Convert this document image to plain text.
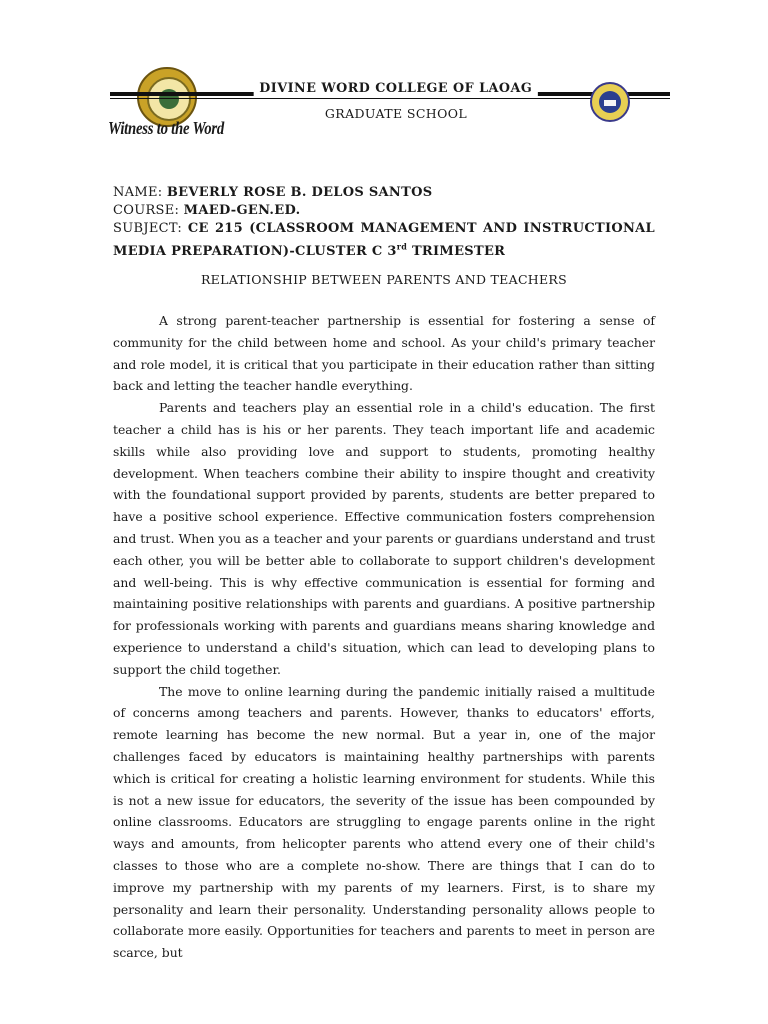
DIVINE WORD COLLEGE OF LAOAG
GRADUATE SCHOOL
Witness to the Word
NAME: BEVERLY ROSE B. DELOS SANTOS
COURSE: MAED-GEN.ED.
SUBJECT: CE 215 (CLASSROOM MANAGEMENT AND INSTRUCTIONAL MEDIA PREPARATION)-CLUSTER C 3rd TRIMESTER
RELATIONSHIP BETWEEN PARENTS AND TEACHERS

A strong parent-teacher partnership is essential for fostering a sense of community for the child between home and school. As your child's primary teacher and role model, it is critical that you participate in their education rather than sitting back and letting the teacher handle everything.

Parents and teachers play an essential role in a child's education. The first teacher a child has is his or her parents. They teach important life and academic skills while also providing love and support to students, promoting healthy development. When teachers combine their ability to inspire thought and creativity with the foundational support provided by parents, students are better prepared to have a positive school experience. Effective communication fosters comprehension and trust. When you as a teacher and your parents or guardians understand and trust each other, you will be better able to collaborate to support children's development and well-being. This is why effective communication is essential for forming and maintaining positive relationships with parents and guardians. A positive partnership for professionals working with parents and guardians means sharing knowledge and experience to understand a child's situation, which can lead to developing plans to support the child together.

The move to online learning during the pandemic initially raised a multitude of concerns among teachers and parents. However, thanks to educators' efforts, remote learning has become the new normal. But a year in, one of the major challenges faced by educators is maintaining healthy partnerships with parents which is critical for creating a holistic learning environment for students. While this is not a new issue for educators, the severity of the issue has been compounded by online classrooms. Educators are struggling to engage parents online in the right ways and amounts, from helicopter parents who attend every one of their child's classes to those who are a complete no-show. There are things that I can do to improve my partnership with my parents of my learners. First, is to share my personality and learn their personality. Understanding personality allows people to collaborate more easily. Opportunities for teachers and parents to meet in person are scarce, but
